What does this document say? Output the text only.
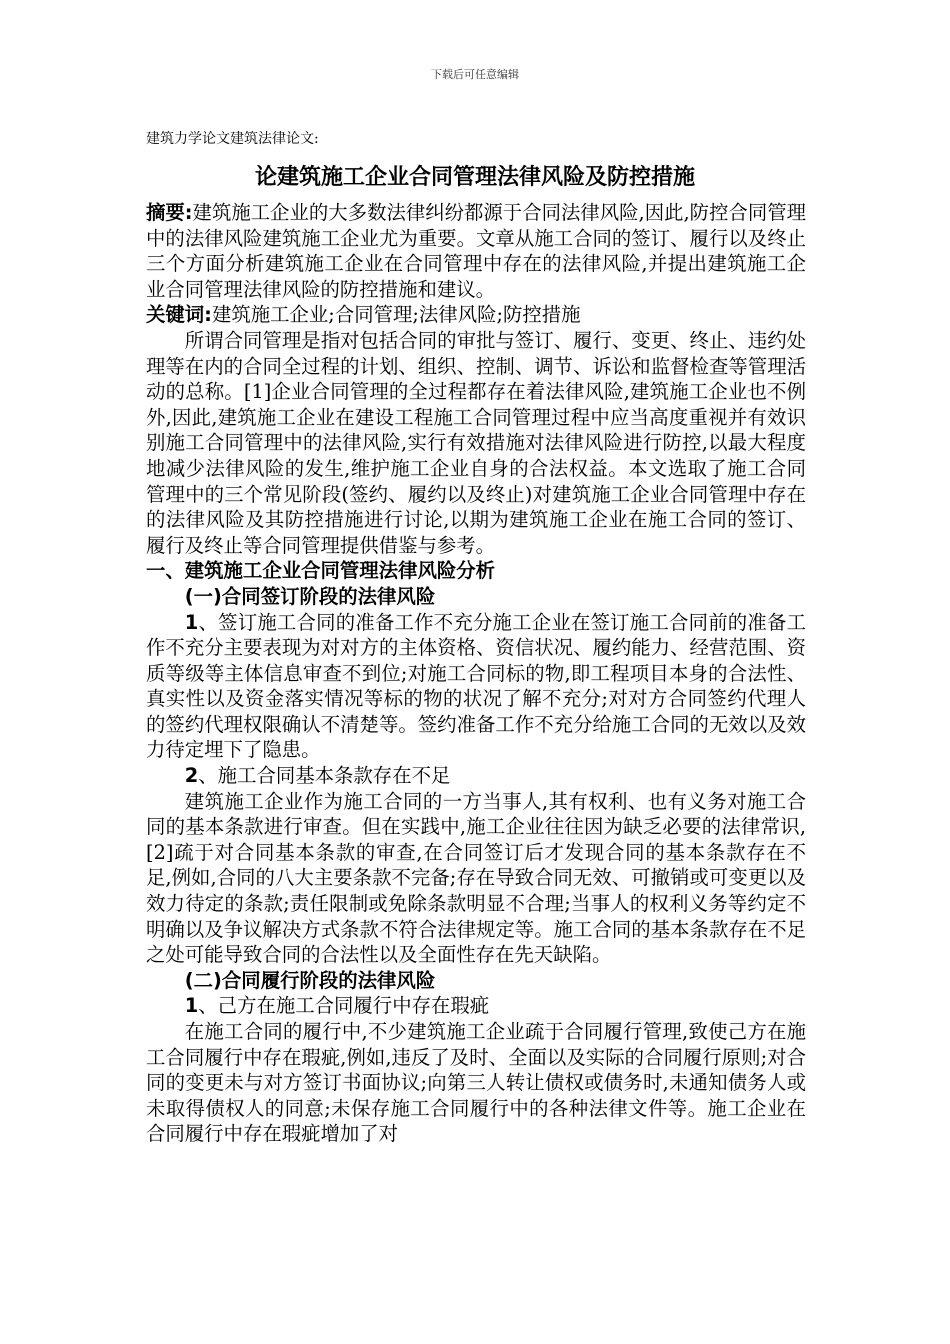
下载后可任意编辑
建筑力学论文建筑法律论文:
论建筑施工企业合同管理法律风险及防控措施

摘要:建筑施工企业的大多数法律纠纷都源于合同法律风险,因此,防控合同管理中的法律风险建筑施工企业尤为重要。文章从施工合同的签订、履行以及终止三个方面分析建筑施工企业在合同管理中存在的法律风险,并提出建筑施工企业合同管理法律风险的防控措施和建议。

关键词:建筑施工企业;合同管理;法律风险;防控措施

所谓合同管理是指对包括合同的审批与签订、履行、变更、终止、违约处理等在内的合同全过程的计划、组织、控制、调节、诉讼和监督检查等管理活动的总称。[1]企业合同管理的全过程都存在着法律风险,建筑施工企业也不例外,因此,建筑施工企业在建设工程施工合同管理过程中应当高度重视并有效识别施工合同管理中的法律风险,实行有效措施对法律风险进行防控,以最大程度地减少法律风险的发生,维护施工企业自身的合法权益。本文选取了施工合同管理中的三个常见阶段(签约、履约以及终止)对建筑施工企业合同管理中存在的法律风险及其防控措施进行讨论,以期为建筑施工企业在施工合同的签订、履行及终止等合同管理提供借鉴与参考。

一、建筑施工企业合同管理法律风险分析

(一)合同签订阶段的法律风险

1、签订施工合同的准备工作不充分施工企业在签订施工合同前的准备工作不充分主要表现为对对方的主体资格、资信状况、履约能力、经营范围、资质等级等主体信息审查不到位;对施工合同标的物,即工程项目本身的合法性、真实性以及资金落实情况等标的物的状况了解不充分;对对方合同签约代理人的签约代理权限确认不清楚等。签约准备工作不充分给施工合同的无效以及效力待定埋下了隐患。

2、施工合同基本条款存在不足

建筑施工企业作为施工合同的一方当事人,其有权利、也有义务对施工合同的基本条款进行审查。但在实践中,施工企业往往因为缺乏必要的法律常识,[2]疏于对合同基本条款的审查,在合同签订后才发现合同的基本条款存在不足,例如,合同的八大主要条款不完备;存在导致合同无效、可撤销或可变更以及效力待定的条款;责任限制或免除条款明显不合理;当事人的权利义务等约定不明确以及争议解决方式条款不符合法律规定等。施工合同的基本条款存在不足之处可能导致合同的合法性以及全面性存在先天缺陷。

(二)合同履行阶段的法律风险

1、己方在施工合同履行中存在瑕疵

在施工合同的履行中,不少建筑施工企业疏于合同履行管理,致使己方在施工合同履行中存在瑕疵,例如,违反了及时、全面以及实际的合同履行原则;对合同的变更未与对方签订书面协议;向第三人转让债权或债务时,未通知债务人或未取得债权人的同意;未保存施工合同履行中的各种法律文件等。施工企业在合同履行中存在瑕疵增加了对
